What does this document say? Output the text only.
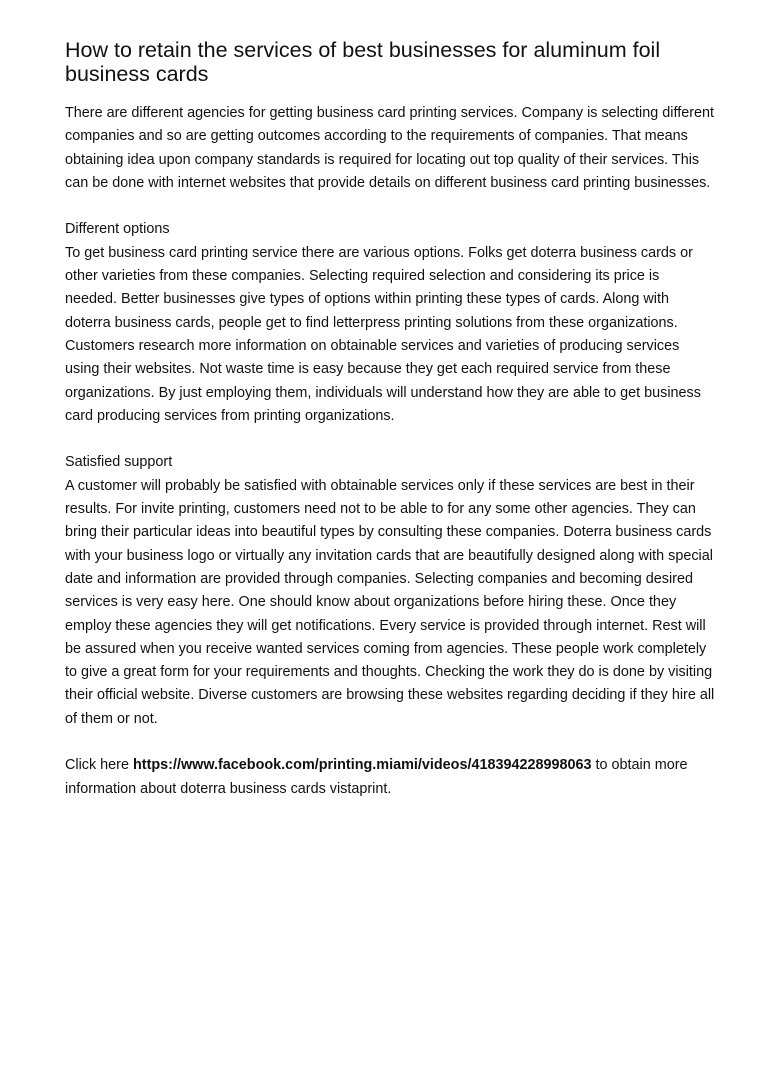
How to retain the services of best businesses for aluminum foil business cards

There are different agencies for getting business card printing services. Company is selecting different companies and so are getting outcomes according to the requirements of companies. That means obtaining idea upon company standards is required for locating out top quality of their services. This can be done with internet websites that provide details on different business card printing businesses.

Different options
To get business card printing service there are various options. Folks get doterra business cards or other varieties from these companies. Selecting required selection and considering its price is needed. Better businesses give types of options within printing these types of cards. Along with doterra business cards, people get to find letterpress printing solutions from these organizations. Customers research more information on obtainable services and varieties of producing services using their websites. Not waste time is easy because they get each required service from these organizations. By just employing them, individuals will understand how they are able to get business card producing services from printing organizations.
Satisfied support
A customer will probably be satisfied with obtainable services only if these services are best in their results. For invite printing, customers need not to be able to for any some other agencies. They can bring their particular ideas into beautiful types by consulting these companies. Doterra business cards with your business logo or virtually any invitation cards that are beautifully designed along with special date and information are provided through companies. Selecting companies and becoming desired services is very easy here. One should know about organizations before hiring these. Once they employ these agencies they will get notifications. Every service is provided through internet. Rest will be assured when you receive wanted services coming from agencies. These people work completely to give a great form for your requirements and thoughts. Checking the work they do is done by visiting their official website. Diverse customers are browsing these websites regarding deciding if they hire all of them or not.

Click here https://www.facebook.com/printing.miami/videos/418394228998063 to obtain more information about doterra business cards vistaprint.
